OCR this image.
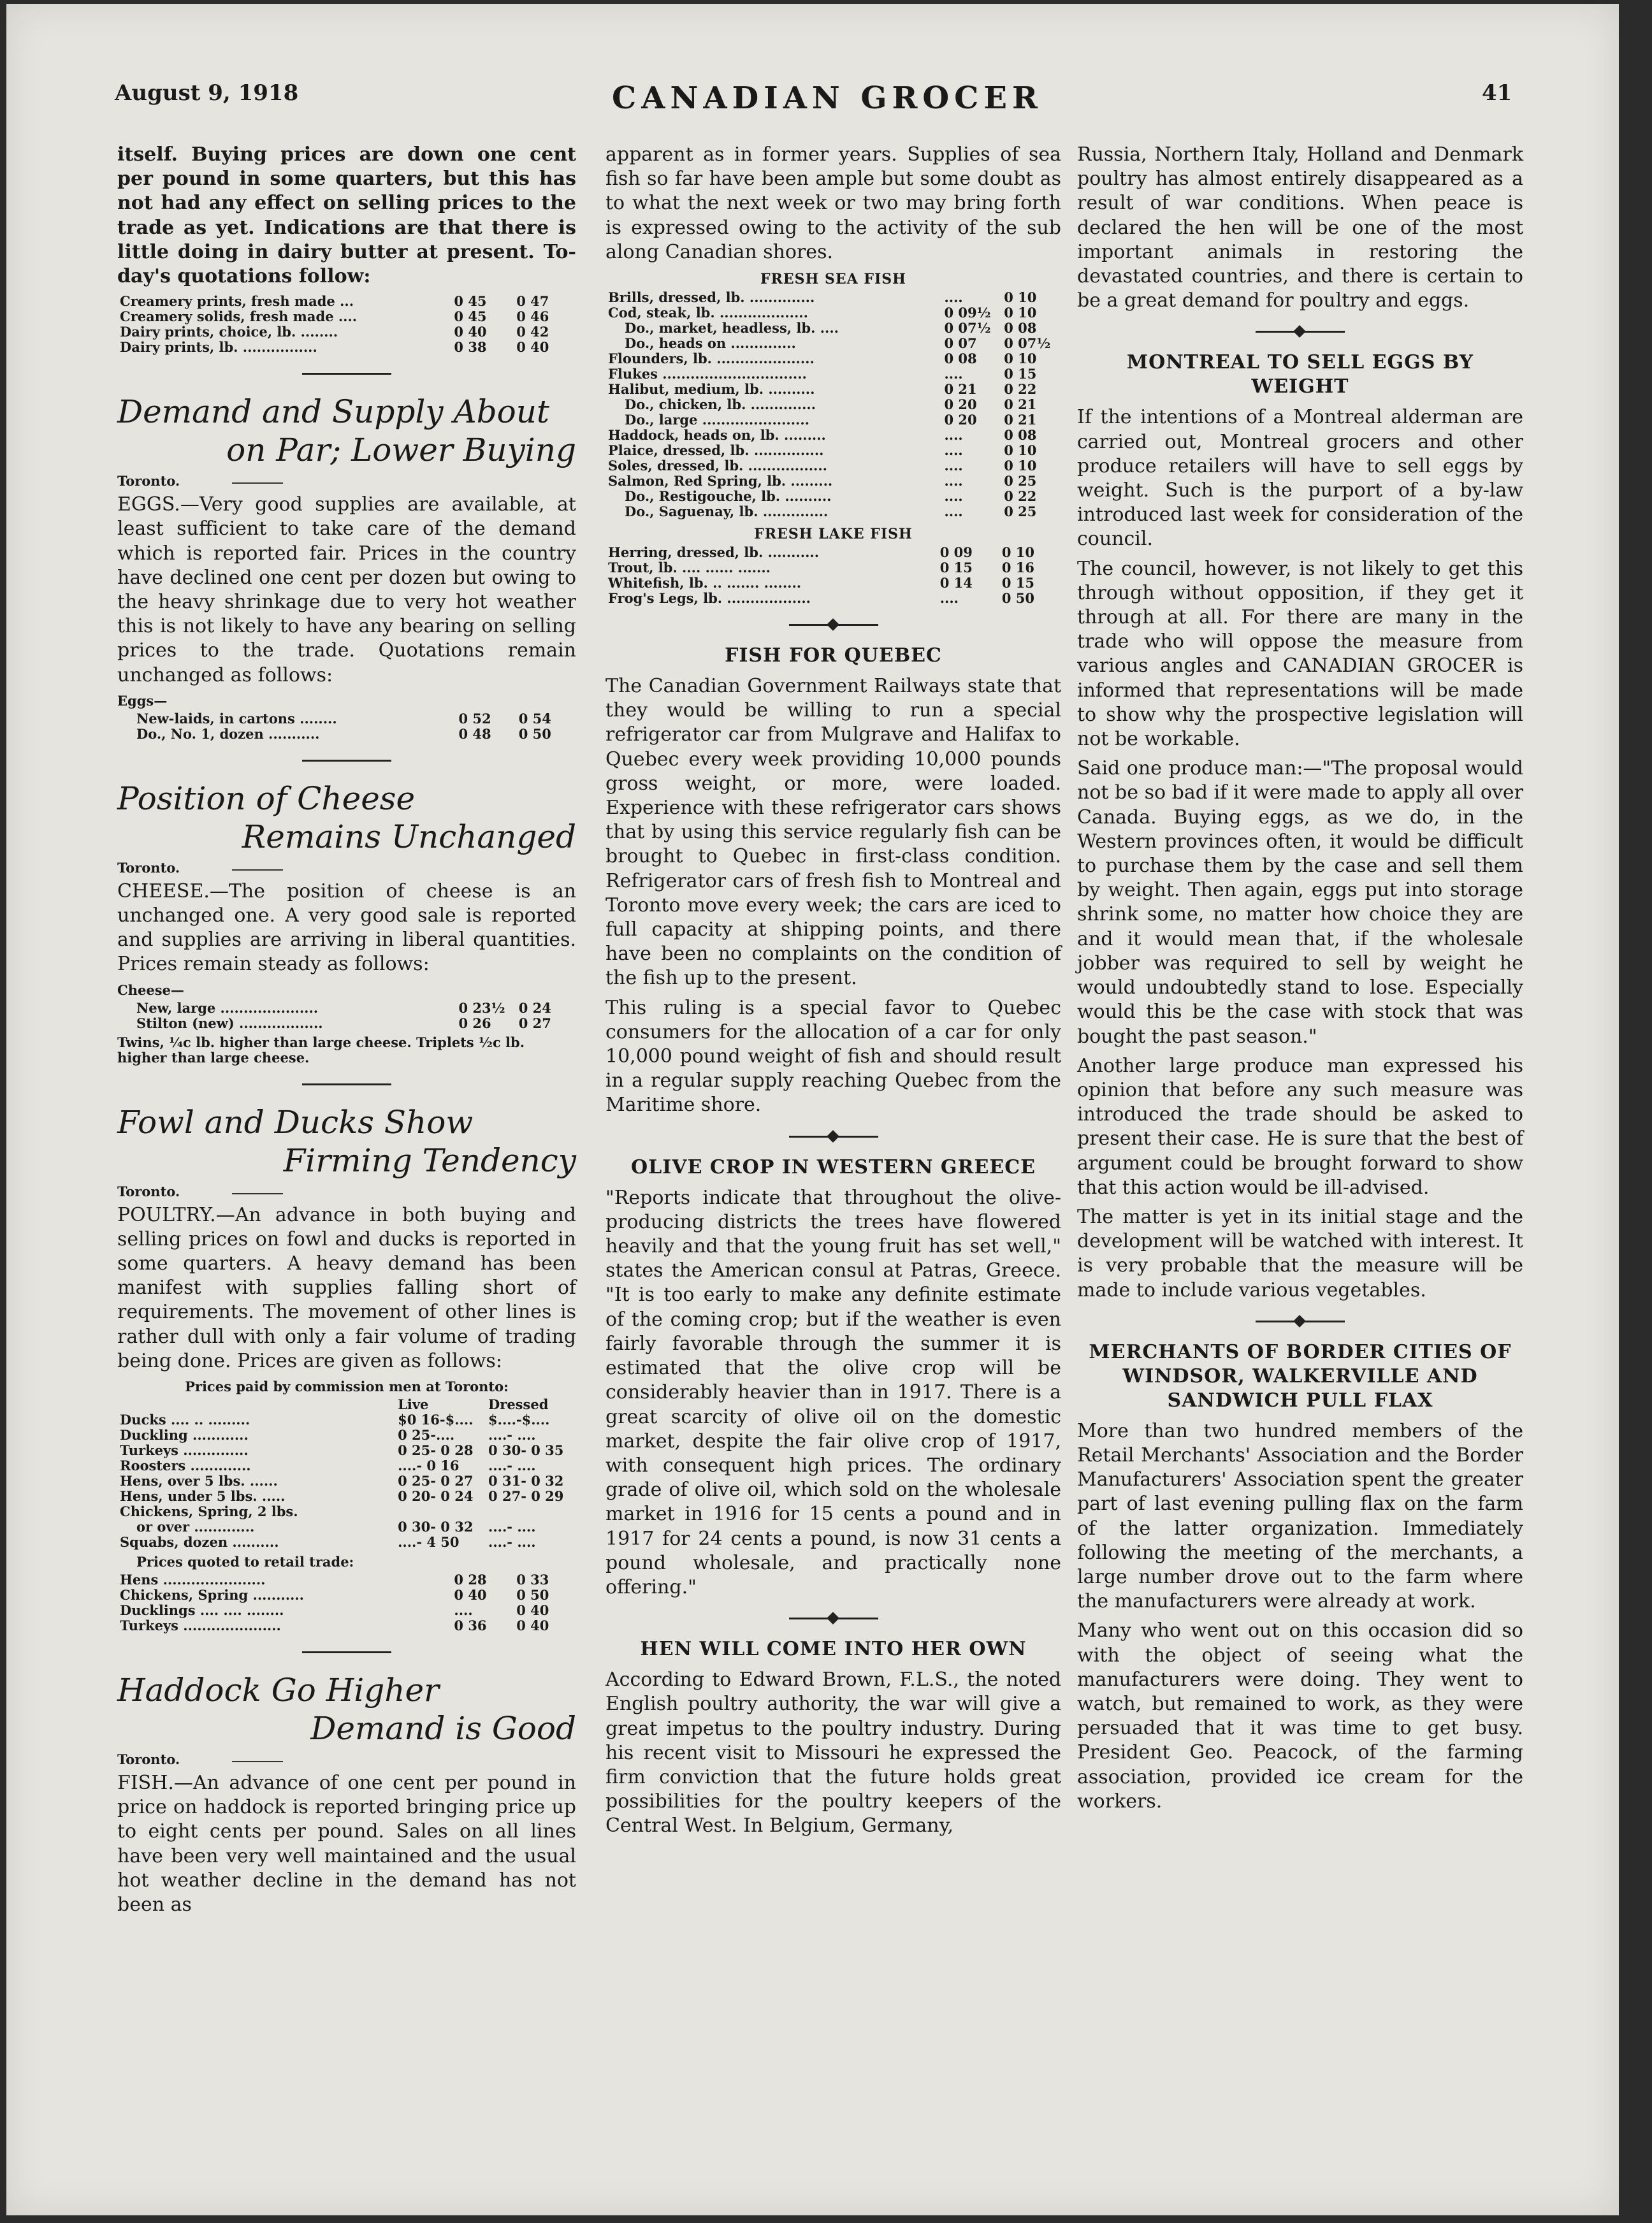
August 9, 1918	CANADIAN GROCER	41

itself. Buying prices are down one cent per pound in some quarters, but this has not had any effect on selling prices to the trade as yet. Indications are that there is little doing in dairy butter at present. To-day's quotations follow:

Creamery prints, fresh made ...	0 45	0 47
Creamery solids, fresh made ....	0 45	0 46
Dairy prints, choice, lb. ........	0 40	0 42
Dairy prints, lb. ................	0 38	0 40
Demand and Supply About
on Par; Lower Buying
Toronto.

EGGS.—Very good supplies are available, at least sufficient to take care of the demand which is reported fair. Prices in the country have declined one cent per dozen but owing to the heavy shrinkage due to very hot weather this is not likely to have any bearing on selling prices to the trade. Quotations remain unchanged as follows:

Eggs—
New-laids, in cartons ........	0 52	0 54
Do., No. 1, dozen ...........	0 48	0 50
Position of Cheese
Remains Unchanged
Toronto.

CHEESE.—The position of cheese is an unchanged one. A very good sale is reported and supplies are arriving in liberal quantities. Prices remain steady as follows:

Cheese—
New, large .....................	0 23½	0 24
Stilton (new) ..................	0 26	0 27
Twins, ¼c lb. higher than large cheese. Triplets ½c lb. higher than large cheese.
Fowl and Ducks Show
Firming Tendency
Toronto.

POULTRY.—An advance in both buying and selling prices on fowl and ducks is reported in some quarters. A heavy demand has been manifest with supplies falling short of requirements. The movement of other lines is rather dull with only a fair volume of trading being done. Prices are given as follows:

Prices paid by commission men at Toronto:
	Live	Dressed
Ducks .... .. .........	$0 16-$....	$....-$....
Duckling ............	0 25-....	....- ....
Turkeys ..............	0 25- 0 28	0 30- 0 35
Roosters .............	....- 0 16	....- ....
Hens, over 5 lbs. ......	0 25- 0 27	0 31- 0 32
Hens, under 5 lbs. .....	0 20- 0 24	0 27- 0 29
Chickens, Spring, 2 lbs.		
or over .............	0 30- 0 32	....- ....
Squabs, dozen ..........	....- 4 50	....- ....
Prices quoted to retail trade:
Hens ......................	0 28	0 33
Chickens, Spring ...........	0 40	0 50
Ducklings .... .... ........	....	0 40
Turkeys .....................	0 36	0 40
Haddock Go Higher
Demand is Good
Toronto.

FISH.—An advance of one cent per pound in price on haddock is reported bringing price up to eight cents per pound. Sales on all lines have been very well maintained and the usual hot weather decline in the demand has not been as

apparent as in former years. Supplies of sea fish so far have been ample but some doubt as to what the next week or two may bring forth is expressed owing to the activity of the sub along Canadian shores.

FRESH SEA FISH
Brills, dressed, lb. ..............	....	0 10
Cod, steak, lb. ...................	0 09½	0 10
Do., market, headless, lb. ....	0 07½	0 08
Do., heads on ..............	0 07	0 07½
Flounders, lb. .....................	0 08	0 10
Flukes ...............................	....	0 15
Halibut, medium, lb. ..........	0 21	0 22
Do., chicken, lb. ..............	0 20	0 21
Do., large .......................	0 20	0 21
Haddock, heads on, lb. .........	....	0 08
Plaice, dressed, lb. ...............	....	0 10
Soles, dressed, lb. .................	....	0 10
Salmon, Red Spring, lb. .........	....	0 25
Do., Restigouche, lb. ..........	....	0 22
Do., Saguenay, lb. ..............	....	0 25
FRESH LAKE FISH
Herring, dressed, lb. ...........	0 09	0 10
Trout, lb. .... ...... .......	0 15	0 16
Whitefish, lb. .. ....... ........	0 14	0 15
Frog's Legs, lb. ..................	....	0 50
FISH FOR QUEBEC

The Canadian Government Railways state that they would be willing to run a special refrigerator car from Mulgrave and Halifax to Quebec every week providing 10,000 pounds gross weight, or more, were loaded. Experience with these refrigerator cars shows that by using this service regularly fish can be brought to Quebec in first-class condition. Refrigerator cars of fresh fish to Montreal and Toronto move every week; the cars are iced to full capacity at shipping points, and there have been no complaints on the condition of the fish up to the present.

This ruling is a special favor to Quebec consumers for the allocation of a car for only 10,000 pound weight of fish and should result in a regular supply reaching Quebec from the Maritime shore.

OLIVE CROP IN WESTERN GREECE

"Reports indicate that throughout the olive-producing districts the trees have flowered heavily and that the young fruit has set well," states the American consul at Patras, Greece. "It is too early to make any definite estimate of the coming crop; but if the weather is even fairly favorable through the summer it is estimated that the olive crop will be considerably heavier than in 1917. There is a great scarcity of olive oil on the domestic market, despite the fair olive crop of 1917, with consequent high prices. The ordinary grade of olive oil, which sold on the wholesale market in 1916 for 15 cents a pound and in 1917 for 24 cents a pound, is now 31 cents a pound wholesale, and practically none offering."

HEN WILL COME INTO HER OWN

According to Edward Brown, F.L.S., the noted English poultry authority, the war will give a great impetus to the poultry industry. During his recent visit to Missouri he expressed the firm conviction that the future holds great possibilities for the poultry keepers of the Central West. In Belgium, Germany,

Russia, Northern Italy, Holland and Denmark poultry has almost entirely disappeared as a result of war conditions. When peace is declared the hen will be one of the most important animals in restoring the devastated countries, and there is certain to be a great demand for poultry and eggs.

MONTREAL TO SELL EGGS BY WEIGHT

If the intentions of a Montreal alderman are carried out, Montreal grocers and other produce retailers will have to sell eggs by weight. Such is the purport of a by-law introduced last week for consideration of the council.

The council, however, is not likely to get this through without opposition, if they get it through at all. For there are many in the trade who will oppose the measure from various angles and CANADIAN GROCER is informed that representations will be made to show why the prospective legislation will not be workable.

Said one produce man:—"The proposal would not be so bad if it were made to apply all over Canada. Buying eggs, as we do, in the Western provinces often, it would be difficult to purchase them by the case and sell them by weight. Then again, eggs put into storage shrink some, no matter how choice they are and it would mean that, if the wholesale jobber was required to sell by weight he would undoubtedly stand to lose. Especially would this be the case with stock that was bought the past season."

Another large produce man expressed his opinion that before any such measure was introduced the trade should be asked to present their case. He is sure that the best of argument could be brought forward to show that this action would be ill-advised.

The matter is yet in its initial stage and the development will be watched with interest. It is very probable that the measure will be made to include various vegetables.

MERCHANTS OF BORDER CITIES OF WINDSOR, WALKERVILLE AND SANDWICH PULL FLAX

More than two hundred members of the Retail Merchants' Association and the Border Manufacturers' Association spent the greater part of last evening pulling flax on the farm of the latter organization. Immediately following the meeting of the merchants, a large number drove out to the farm where the manufacturers were already at work.

Many who went out on this occasion did so with the object of seeing what the manufacturers were doing. They went to watch, but remained to work, as they were persuaded that it was time to get busy. President Geo. Peacock, of the farming association, provided ice cream for the workers.
